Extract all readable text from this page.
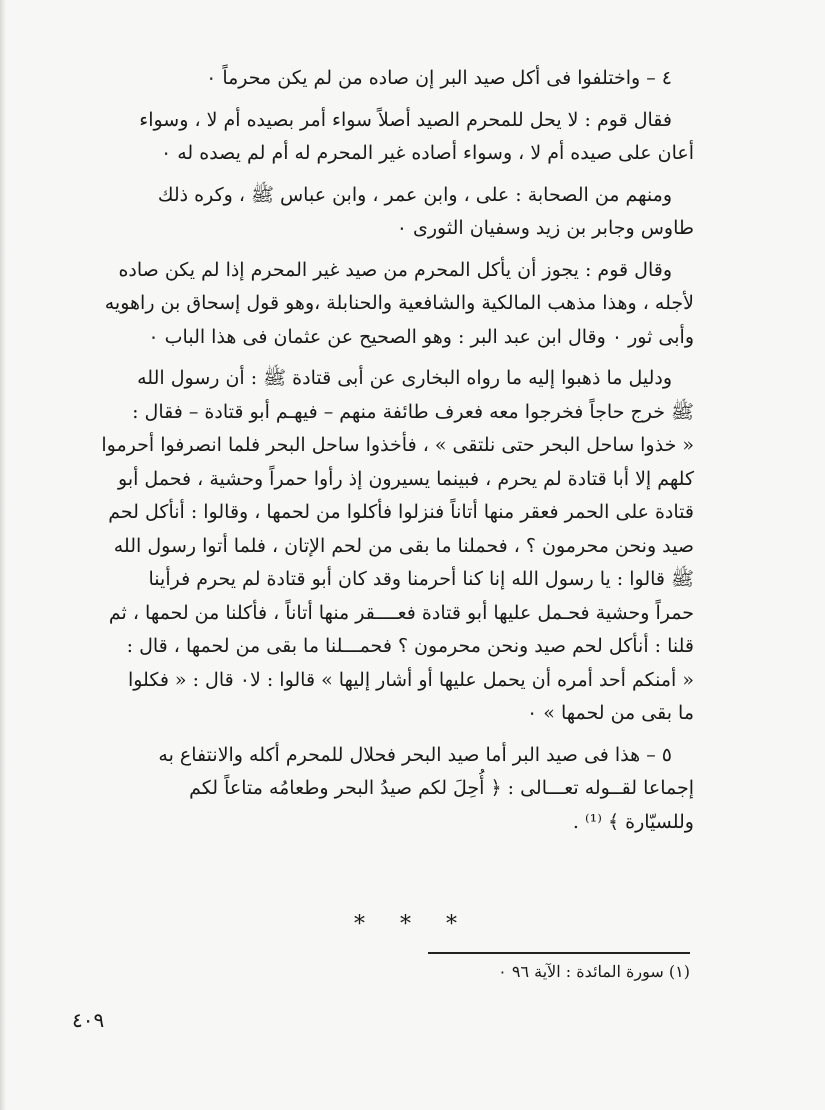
٤ – واختلفوا فى أكل صيد البر إن صاده من لم يكن محرماً ٠
فقال قوم : لا يحل للمحرم الصيد أصلاً سواء أمر بصيده أم لا ، وسواء
أعان على صيده أم لا ، وسواء أصاده غير المحرم له أم لم يصده له ٠
ومنهم من الصحابة : على ، وابن عمر ، وابن عباس ﷺ ، وكره ذلك
طاوس وجابر بن زيد وسفيان الثورى ٠
وقال قوم : يجوز أن يأكل المحرم من صيد غير المحرم إذا لم يكن صاده
لأجله ، وهذا مذهب المالكية والشافعية والحنابلة ،وهو قول إسحاق بن راهويه
وأبى ثور ٠ وقال ابن عبد البر : وهو الصحيح عن عثمان فى هذا الباب ٠
ودليل ما ذهبوا إليه ما رواه البخارى عن أبى قتادة ﷺ : أن رسول الله
ﷺ خرج حاجاً فخرجوا معه فعرف طائفة منهم – فيهـم أبو قتادة – فقال :
« خذوا ساحل البحر حتى نلتقى » ، فأخذوا ساحل البحر فلما انصرفوا أحرموا
كلهم إلا أبا قتادة لم يحرم ، فبينما يسيرون إذ رأوا حمراً وحشية ، فحمل أبو
قتادة على الحمر فعقر منها أتاناً فنزلوا فأكلوا من لحمها ، وقالوا : أنأكل لحم
صيد ونحن محرمون ؟ ، فحملنا ما بقى من لحم الإتان ، فلما أتوا رسول الله
ﷺ قالوا : يا رسول الله إنا كنا أحرمنا وقد كان أبو قتادة لم يحرم فرأينا
حمراً وحشية فحـمل عليها أبو قتادة فعــــقر منها أتاناً ، فأكلنا من لحمها ، ثم
قلنا : أنأكل لحم صيد ونحن محرمون ؟ فحمـــلنا ما بقى من لحمها ، قال :
« أمنكم أحد أمره أن يحمل عليها أو أشار إليها » قالوا : لا٠ قال : « فكلوا
ما بقى من لحمها » ٠
٥ – هذا فى صيد البر أما صيد البحر فحلال للمحرم أكله والانتفاع به
إجماعا لقــوله تعـــالى : ﴿ أُحِلَ لكم صيدُ البحر وطعامُه متاعاً لكم
وللسيّارة ﴾ ⁽¹⁾ .
* * *
(١) سورة المائدة : الآية ٩٦ ٠
٤٠٩
